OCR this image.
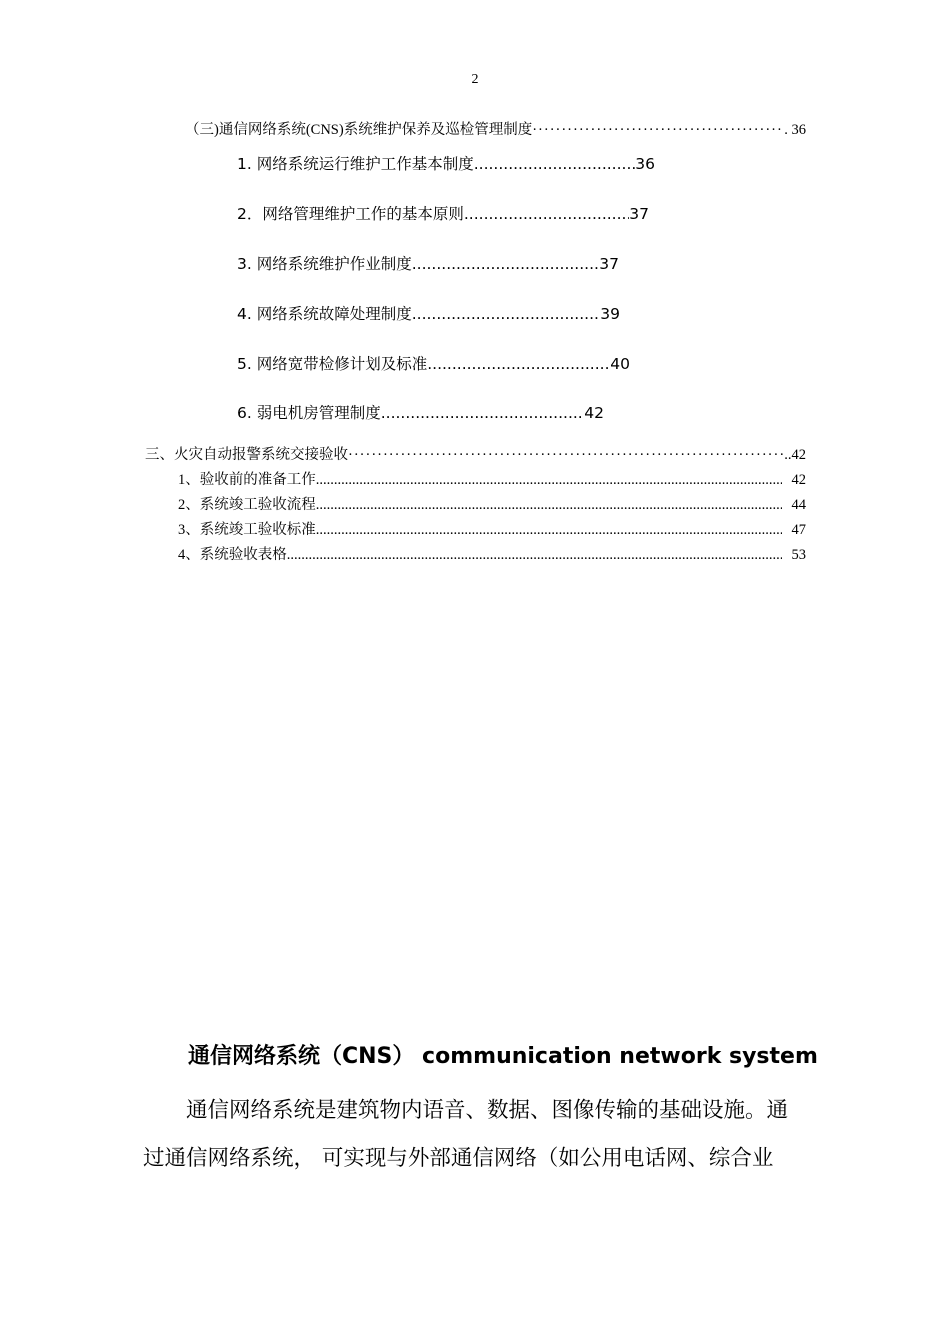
2
（三)通信网络系统(CNS)系统维护保养及巡检管理制度 ·····	. 36
1. 网络系统运行维护工作基本制度 .....	36
2．网络管理维护工作的基本原则 .....	37
3. 网络系统维护作业制度 .....	37
4. 网络系统故障处理制度 .....	39
5. 网络宽带检修计划及标准 .....	40
6. 弱电机房管理制度 .....	42
三、火灾自动报警系统交接验收 ·····	..42
1、验收前的准备工作 .....	42
2、系统竣工验收流程 .....	44
3、系统竣工验收标准 .....	47
4、系统验收表格 .....	53
通信网络系统（CNS） communication network system
通信网络系统是建筑物内语音、数据、图像传输的基础设施。通
过通信网络系统， 可实现与外部通信网络（如公用电话网、综合业
